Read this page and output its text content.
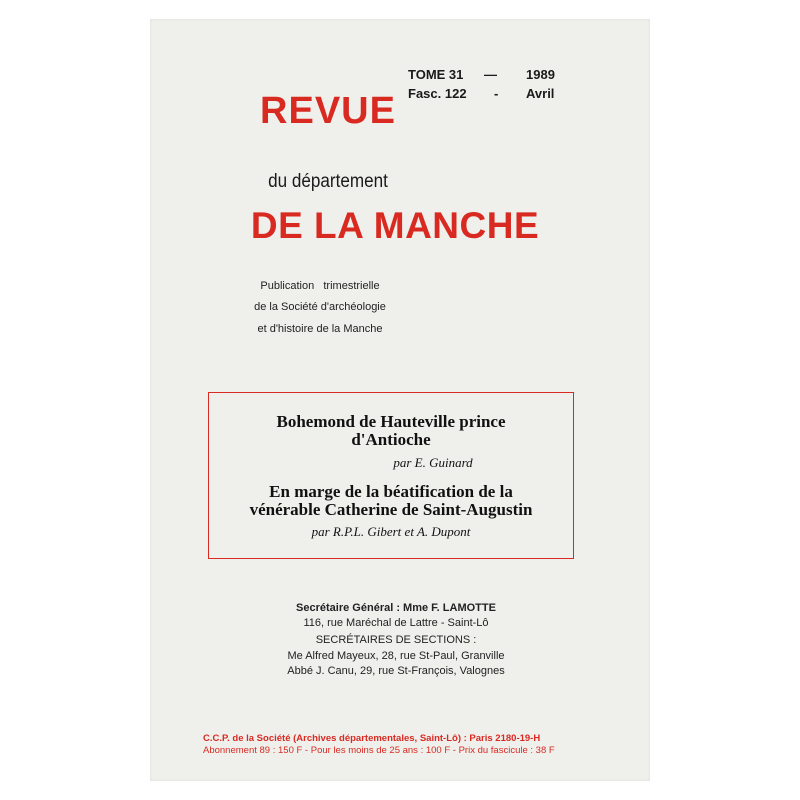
TOME 31 — 1989
Fasc. 122 - Avril
REVUE
du département
DE LA MANCHE
Publication   trimestrielle
de la Société d'archéologie
et d'histoire de la Manche
Bohemond de Hauteville prince
d'Antioche
par E. Guinard
En marge de la béatification de la
vénérable Catherine de Saint-Augustin
par R.P.L. Gibert et A. Dupont
Secrétaire Général : Mme F. LAMOTTE
116, rue Maréchal de Lattre - Saint-Lô
SECRÉTAIRES DE SECTIONS :
Me Alfred Mayeux, 28, rue St-Paul, Granville
Abbé J. Canu, 29, rue St-François, Valognes
C.C.P. de la Société (Archives départementales, Saint-Lô) : Paris 2180-19-H
Abonnement 89 : 150 F - Pour les moins de 25 ans : 100 F - Prix du fascicule : 38 F
